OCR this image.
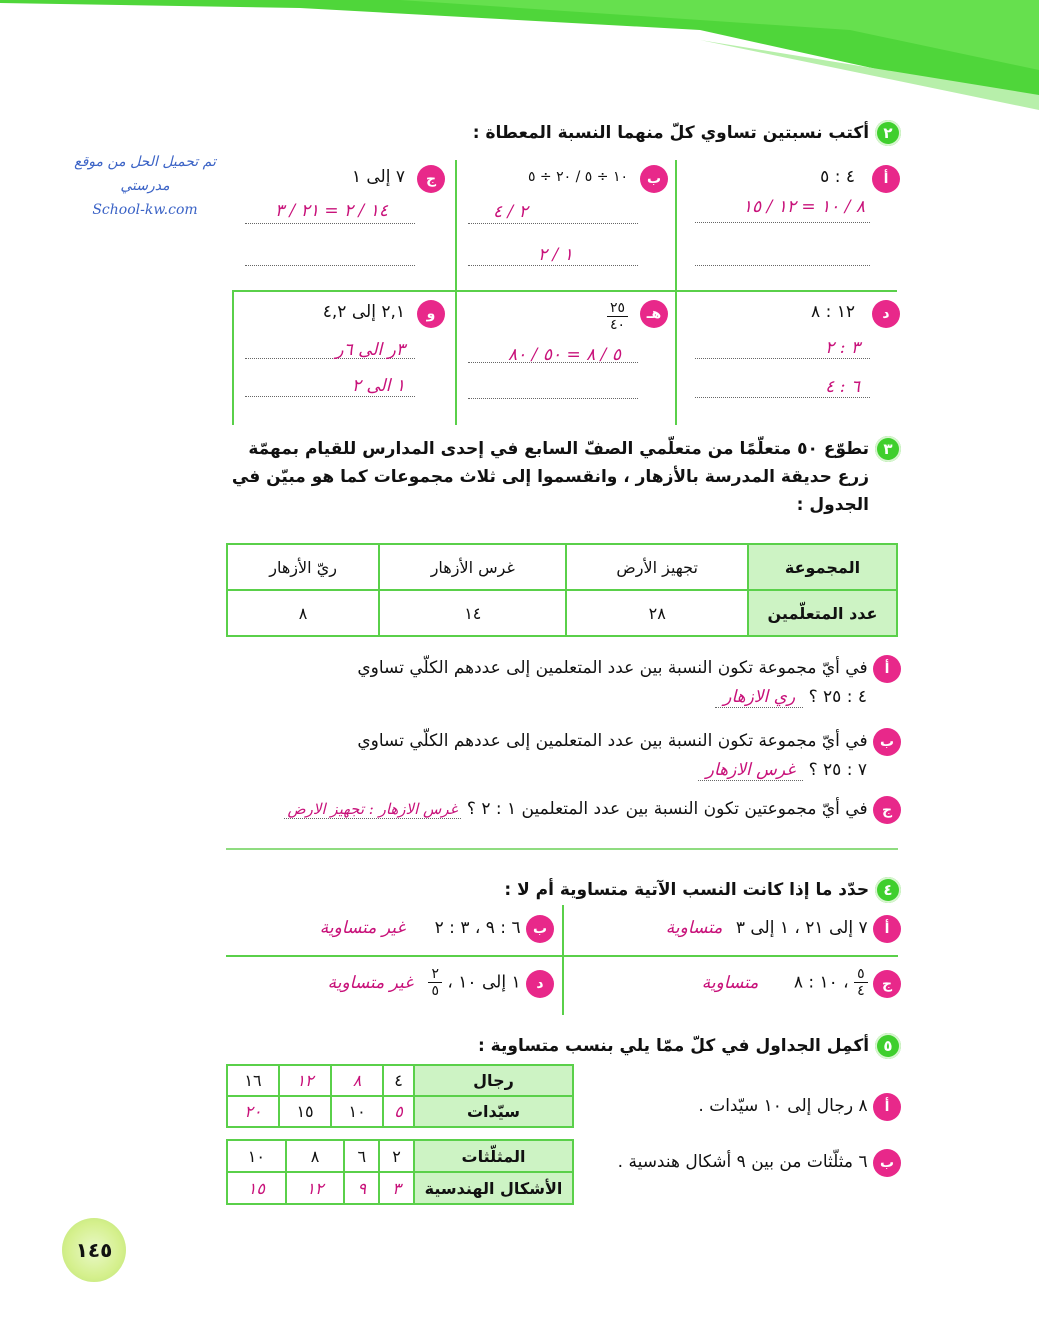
تم تحميل الحل من موقع
مدرستي
School-kw.com
٢ أكتب نسبتين تساوي كلّ منهما النسبة المعطاة :
أ
٤ : ٥
٨ / ١٠ = ١٢ / ١٥
ب
١٠ ÷ ٥ / ٢٠ ÷ ٥
٢ / ٤
١ / ٢
ج
٧ إلى ١
١٤ / ٢ = ٢١ / ٣
د
١٢ : ٨
٣ : ٢
٦ : ٤
هـ
٢٥
٤٠
٥ / ٨ = ٥٠ / ٨٠
و
٢,١ إلى ٤,٢
٣ر الى ٦ر
١ الى ٢
٣ تطوّع ٥٠ متعلّمًا من متعلّمي الصفّ السابع في إحدى المدارس للقيام بمهمّة
زرع حديقة المدرسة بالأزهار ، وانقسموا إلى ثلاث مجموعات كما هو مبيّن في
الجدول :
المجموعة	تجهيز الأرض	غرس الأزهار	ريّ الأزهار
عدد المتعلّمين	٢٨	١٤	٨
أ في أيّ مجموعة تكون النسبة بين عدد المتعلمين إلى عددهم الكلّي تساوي
٤ : ٢٥ ؟ ري الازهار
ب في أيّ مجموعة تكون النسبة بين عدد المتعلمين إلى عددهم الكلّي تساوي
٧ : ٢٥ ؟ غرس الازهار
ج في أيّ مجموعتين تكون النسبة بين عدد المتعلمين ١ : ٢ ؟ غرس الازهار : تجهيز الارض
٤ حدّد ما إذا كانت النسب الآتية متساوية أم لا :
أ ٧ إلى ٢١ ، ١ إلى ٣ متساوية
ب ٦ : ٩ ، ٣ : ٢ غير متساوية
ج
$\frac{٥}{٤}$
، ١٠ : ٨ متساوية
د ١ إلى ١٠ ،
$\frac{٢}{٥}$
غير متساوية
٥ أكمِل الجداول في كلّ ممّا يلي بنسب متساوية :
أ ٨ رجال إلى ١٠ سيّدات .
رجال	٤	٨	١٢	١٦
سيّدات	٥	١٠	١٥	٢٠
ب ٦ مثلّثات من بين ٩ أشكال هندسية .
المثلّثات	٢	٦	٨	١٠
الأشكال الهندسية	٣	٩	١٢	١٥
١٤٥
